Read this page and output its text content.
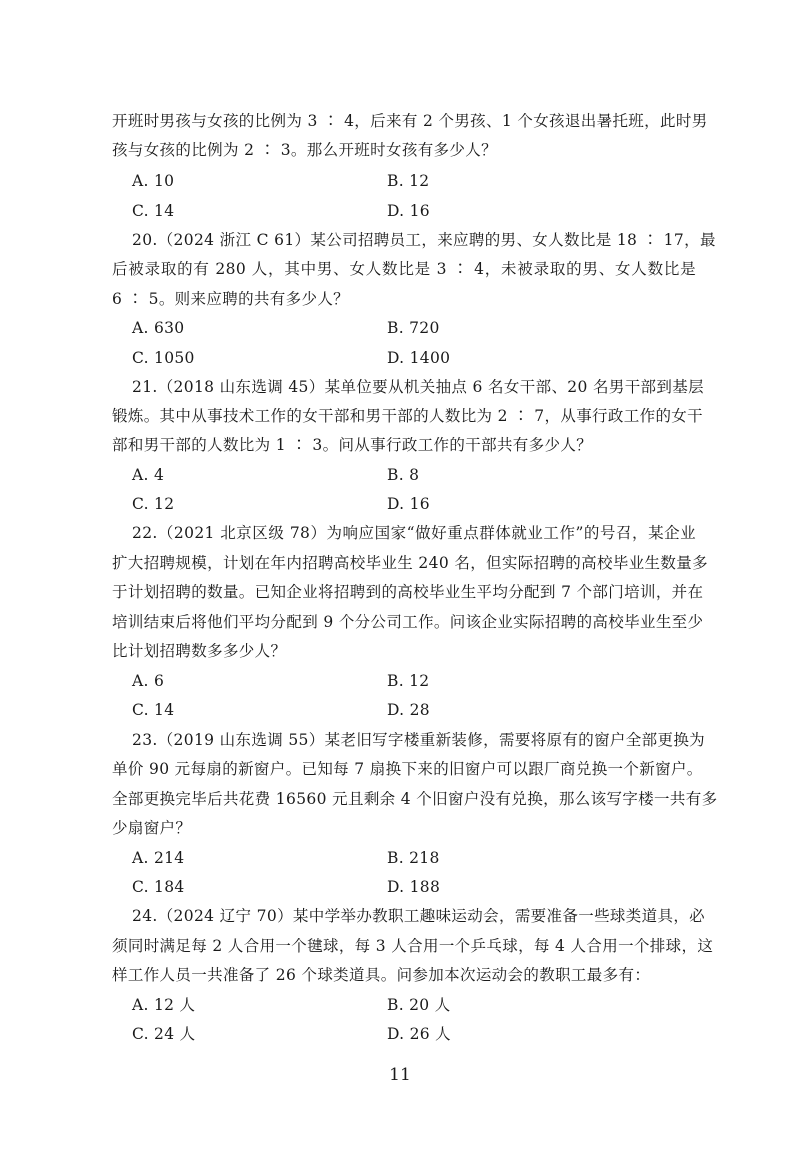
开班时男孩与女孩的比例为 3 ∶ 4，后来有 2 个男孩、1 个女孩退出暑托班，此时男
孩与女孩的比例为 2 ∶ 3。那么开班时女孩有多少人？
A. 10	B. 12
C. 14	D. 16
20.（2024 浙江 C 61）某公司招聘员工，来应聘的男、女人数比是 18 ∶ 17，最
后被录取的有 280 人，其中男、女人数比是 3 ∶ 4，未被录取的男、女人数比是
6 ∶ 5。则来应聘的共有多少人？
A. 630	B. 720
C. 1050	D. 1400
21.（2018 山东选调 45）某单位要从机关抽点 6 名女干部、20 名男干部到基层
锻炼。其中从事技术工作的女干部和男干部的人数比为 2 ∶ 7，从事行政工作的女干
部和男干部的人数比为 1 ∶ 3。问从事行政工作的干部共有多少人？
A. 4	B. 8
C. 12	D. 16
22.（2021 北京区级 78）为响应国家“做好重点群体就业工作”的号召，某企业
扩大招聘规模，计划在年内招聘高校毕业生 240 名，但实际招聘的高校毕业生数量多
于计划招聘的数量。已知企业将招聘到的高校毕业生平均分配到 7 个部门培训，并在
培训结束后将他们平均分配到 9 个分公司工作。问该企业实际招聘的高校毕业生至少
比计划招聘数多多少人？
A. 6	B. 12
C. 14	D. 28
23.（2019 山东选调 55）某老旧写字楼重新装修，需要将原有的窗户全部更换为
单价 90 元每扇的新窗户。已知每 7 扇换下来的旧窗户可以跟厂商兑换一个新窗户。
全部更换完毕后共花费 16560 元且剩余 4 个旧窗户没有兑换，那么该写字楼一共有多
少扇窗户？
A. 214	B. 218
C. 184	D. 188
24.（2024 辽宁 70）某中学举办教职工趣味运动会，需要准备一些球类道具，必
须同时满足每 2 人合用一个毽球，每 3 人合用一个乒乓球，每 4 人合用一个排球，这
样工作人员一共准备了 26 个球类道具。问参加本次运动会的教职工最多有：
A. 12 人	B. 20 人
C. 24 人	D. 26 人
11
